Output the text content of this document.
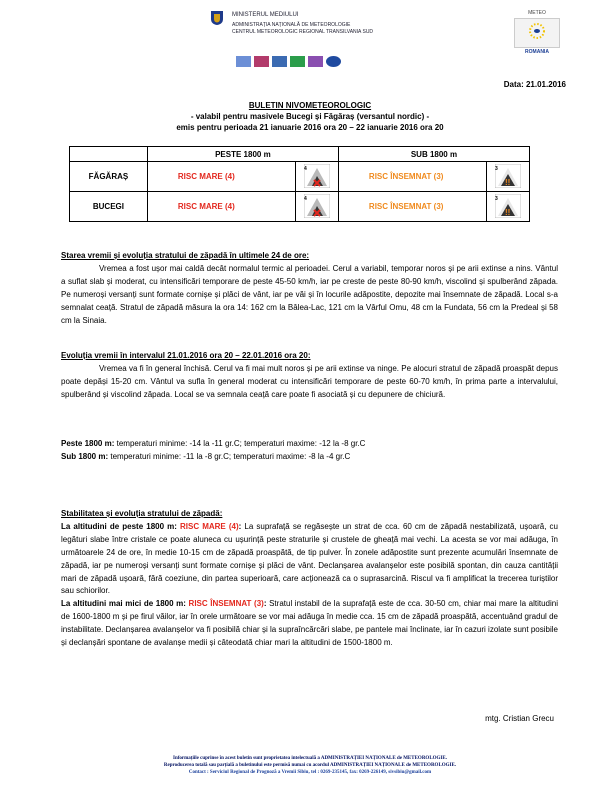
MINISTERUL MEDIULUI
ADMINISTRAȚIA NAȚIONALĂ DE METEOROLOGIE
CENTRUL METEOROLOGIC REGIONAL TRANSILVANIA SUD
METEO
ROMANIA
Data: 21.01.2016
BULETIN NIVOMETEOROLOGIC
- valabil pentru masivele Bucegi și Făgăraș (versantul nordic) -
emis pentru perioada 21 ianuarie 2016 ora 20 – 22 ianuarie 2016 ora 20
	PESTE 1800 m		SUB 1800 m	
FĂGĂRAȘ	RISC MARE (4)	4	RISC ÎNSEMNAT (3)	3
!!

BUCEGI	RISC MARE (4)	4	RISC ÎNSEMNAT (3)	3
!!

Starea vremii și evoluția stratului de zăpadă în ultimele 24 de ore:

Vremea a fost ușor mai caldă decât normalul termic al perioadei. Cerul a variabil, temporar noros și pe arii extinse a nins. Vântul a suflat slab și moderat, cu intensificări temporare de peste 45-50 km/h, iar pe creste de peste 80-90 km/h, viscolind și spulberând zăpada. Pe numeroși versanți sunt formate cornișe și plăci de vânt, iar pe văi și în locurile adăpostite, depozite mai însemnate de zăpadă. Local s-a semnalat ceață. Stratul de zăpadă măsura la ora 14: 162 cm la Bâlea-Lac, 121 cm la Vârful Omu, 48 cm la Fundata, 56 cm la Predeal și 58 cm la Sinaia.

Evoluția vremii în intervalul 21.01.2016 ora 20 – 22.01.2016 ora 20:

Vremea va fi în general închisă. Cerul va fi mai mult noros și pe arii extinse va ninge. Pe alocuri stratul de zăpadă proaspăt depus poate depăși 15-20 cm. Vântul va sufla în general moderat cu intensificări temporare de peste 60-70 km/h, în prima parte a intervalului, spulberând și viscolind zăpada. Local se va semnala ceață care poate fi asociată și cu depunere de chiciură.

Peste 1800 m: temperaturi minime: -14 la -11 gr.C; temperaturi maxime: -12 la -8 gr.C

Sub 1800 m: temperaturi minime: -11 la -8 gr.C; temperaturi maxime: -8 la -4 gr.C

Stabilitatea și evoluția stratului de zăpadă:

La altitudini de peste 1800 m: RISC MARE (4): La suprafață se regăsește un strat de cca. 60 cm de zăpadă nestabilizată, ușoară, cu legături slabe între cristale ce poate aluneca cu ușurință peste straturile și crustele de gheață mai vechi. La acesta se vor mai adăuga, în următoarele 24 de ore, în medie 10-15 cm de zăpadă proaspătă, de tip pulver. În zonele adăpostite sunt prezente acumulări însemnate de zăpadă, iar pe numeroși versanți sunt formate cornișe și plăci de vânt. Declanșarea avalanșelor este posibilă spontan, din cauza cantității mari de zăpadă ușoară, fără coeziune, din partea superioară, care acționează ca o suprasarcină. Riscul va fi amplificat la trecerea turiștilor sau schiorilor.

La altitudini mai mici de 1800 m: RISC ÎNSEMNAT (3): Stratul instabil de la suprafață este de cca. 30-50 cm, chiar mai mare la altitudini de 1600-1800 m și pe firul văilor, iar în orele următoare se vor mai adăuga în medie cca. 15 cm de zăpadă proaspătă, accentuând gradul de instabilitate. Declanșarea avalanșelor va fi posibilă chiar și la supraîncărcări slabe, pe pantele mai înclinate, iar în cazuri izolate sunt posibile și declanșări spontane de avalanșe medii și câteodată chiar mari la altitudini de 1500-1800 m.

mtg. Cristian Grecu
Informațiile cuprinse în acest buletin sunt proprietatea intelectuală a ADMINISTRAȚIEI NAȚIONALE de METEOROLOGIE.
Reproducerea totală sau parțială a buletinului este permisă numai cu acordul ADMINISTRAȚIEI NAȚIONALE de METEOROLOGIE.
Contact : Serviciul Regional de Prognoză a Vremii Sibiu, tel : 0269-235145, fax: 0269-226149, sivsibiu@gmail.com
